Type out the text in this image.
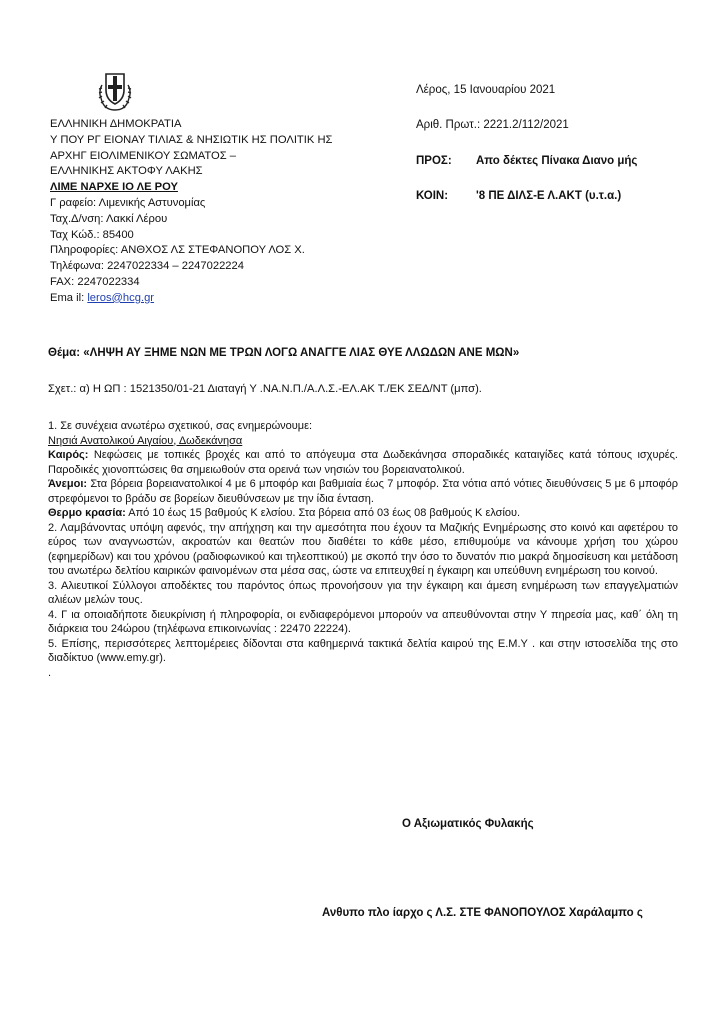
ΕΛΛΗΝΙΚΗ ΔΗΜΟΚΡΑΤΙΑ
Υ ΠΟΥ ΡΓ ΕΙΟΝΑΥ ΤΙΛΙΑΣ & ΝΗΣΙΩΤΙΚ ΗΣ ΠΟΛΙΤΙΚ ΗΣ
ΑΡΧΗΓ ΕΙΟΛΙΜΕΝΙΚΟΥ ΣΩΜΑΤΟΣ –
ΕΛΛΗΝΙΚΗΣ ΑΚΤΟΦΥ ΛΑΚΗΣ
ΛΙΜΕ ΝΑΡΧΕ ΙΟ ΛΕ ΡΟΥ
Γ ραφείο: Λιμενικής Αστυνομίας
Ταχ.Δ/νση: Λακκί Λέρου
Ταχ Κώδ.: 85400
Πληροφορίες: ΑΝΘΧΟΣ ΛΣ ΣΤΕΦΑΝΟΠΟΥ ΛΟΣ Χ.
Τηλέφωνα: 2247022334 – 2247022224
FAX: 2247022334
Ema il: leros@hcg.gr
Λέρος, 15 Ιανουαρίου 2021
Αριθ. Πρωτ.: 2221.2/112/2021
ΠΡΟΣ: Απο δέκτες Πίνακα Διανο μής
ΚΟΙΝ: '8 ΠΕ ΔΙΛΣ-Ε Λ.ΑΚΤ (υ.τ.α.)
Θέμα: «ΛΗΨΗ ΑΥ ΞΗΜΕ ΝΩΝ ΜΕ ΤΡΩΝ ΛΟΓΩ ΑΝΑΓΓΕ ΛΙΑΣ ΘΥΕ ΛΛΩΔΩΝ ΑΝΕ ΜΩΝ»
Σχετ.: α) Η ΩΠ : 1521350/01-21 Διαταγή Υ .ΝΑ.Ν.Π./Α.Λ.Σ.-ΕΛ.ΑΚ Τ./ΕΚ ΣΕΔ/ΝΤ (μπσ).

1. Σε συνέχεια ανωτέρω σχετικού, σας ενημερώνουμε:

Νησιά Ανατολικού Αιγαίου, Δωδεκάνησα

Καιρός: Νεφώσεις με τοπικές βροχές και από το απόγευμα στα Δωδεκάνησα σποραδικές καταιγίδες κατά τόπους ισχυρές. Παροδικές χιονοπτώσεις θα σημειωθούν στα ορεινά των νησιών του βορειανατολικού.

Άνεμοι: Στα βόρεια βορειανατολικοί 4 με 6 μποφόρ και βαθμιαία έως 7 μποφόρ. Στα νότια από νότιες διευθύνσεις 5 με 6 μποφόρ στρεφόμενοι το βράδυ σε βορείων διευθύνσεων με την ίδια ένταση.

Θερμο κρασία: Από 10 έως 15 βαθμούς Κ ελσίου. Στα βόρεια από 03 έως 08 βαθμούς Κ ελσίου.

2. Λαμβάνοντας υπόψη αφενός, την απήχηση και την αμεσότητα που έχουν τα Μαζικής Ενημέρωσης στο κοινό και αφετέρου το εύρος των αναγνωστών, ακροατών και θεατών που διαθέτει το κάθε μέσο, επιθυμούμε να κάνουμε χρήση του χώρου (εφημερίδων) και του χρόνου (ραδιοφωνικού και τηλεοπτικού) με σκοπό την όσο το δυνατόν πιο μακρά δημοσίευση και μετάδοση του ανωτέρω δελτίου καιρικών φαινομένων στα μέσα σας, ώστε να επιτευχθεί η έγκαιρη και υπεύθυνη ενημέρωση του κοινού.

3. Αλιευτικοί Σύλλογοι αποδέκτες του παρόντος όπως προνοήσουν για την έγκαιρη και άμεση ενημέρωση των επαγγελματιών αλιέων μελών τους.

4. Γ ια οποιαδήποτε διευκρίνιση ή πληροφορία, οι ενδιαφερόμενοι μπορούν να απευθύνονται στην Υ πηρεσία μας, καθ΄ όλη τη διάρκεια του 24ώρου (τηλέφωνα επικοινωνίας : 22470 22224).

5. Επίσης, περισσότερες λεπτομέρειες δίδονται στα καθημερινά τακτικά δελτία καιρού της Ε.Μ.Υ . και στην ιστοσελίδα της στο διαδίκτυο (www.emy.gr).

.

Ο Αξιωματικός Φυλακής
Ανθυπο πλο ίαρχο ς Λ.Σ. ΣΤΕ ΦΑΝΟΠΟΥΛΟΣ Χαράλαμπο ς
